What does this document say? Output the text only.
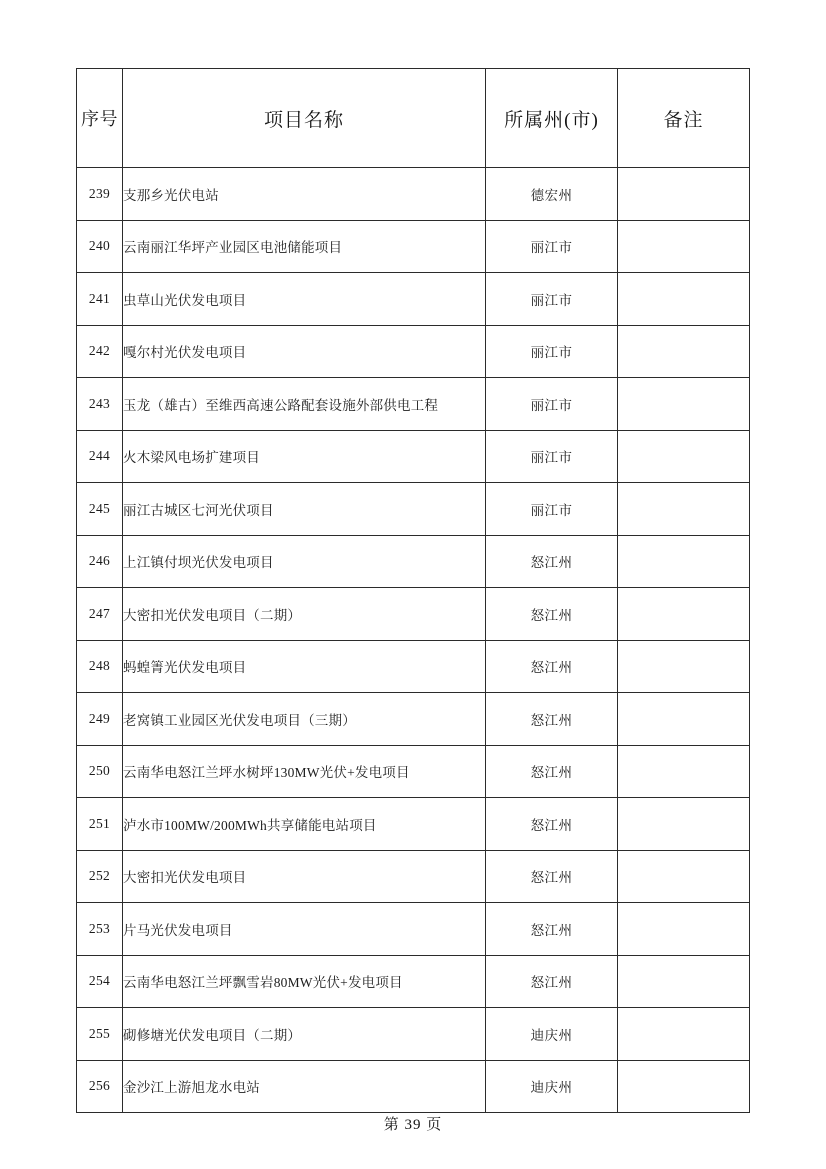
序号	项目名称	所属州(市)	备注
239	支那乡光伏电站	德宏州	
240	云南丽江华坪产业园区电池储能项目	丽江市	
241	虫草山光伏发电项目	丽江市	
242	嘎尔村光伏发电项目	丽江市	
243	玉龙（雄古）至维西高速公路配套设施外部供电工程	丽江市	
244	火木梁风电场扩建项目	丽江市	
245	丽江古城区七河光伏项目	丽江市	
246	上江镇付坝光伏发电项目	怒江州	
247	大密扣光伏发电项目（二期）	怒江州	
248	蚂蝗箐光伏发电项目	怒江州	
249	老窝镇工业园区光伏发电项目（三期）	怒江州	
250	云南华电怒江兰坪水树坪130MW光伏+发电项目	怒江州	
251	泸水市100MW/200MWh共享储能电站项目	怒江州	
252	大密扣光伏发电项目	怒江州	
253	片马光伏发电项目	怒江州	
254	云南华电怒江兰坪飘雪岩80MW光伏+发电项目	怒江州	
255	砌修塘光伏发电项目（二期）	迪庆州	
256	金沙江上游旭龙水电站	迪庆州	
第 39 页
